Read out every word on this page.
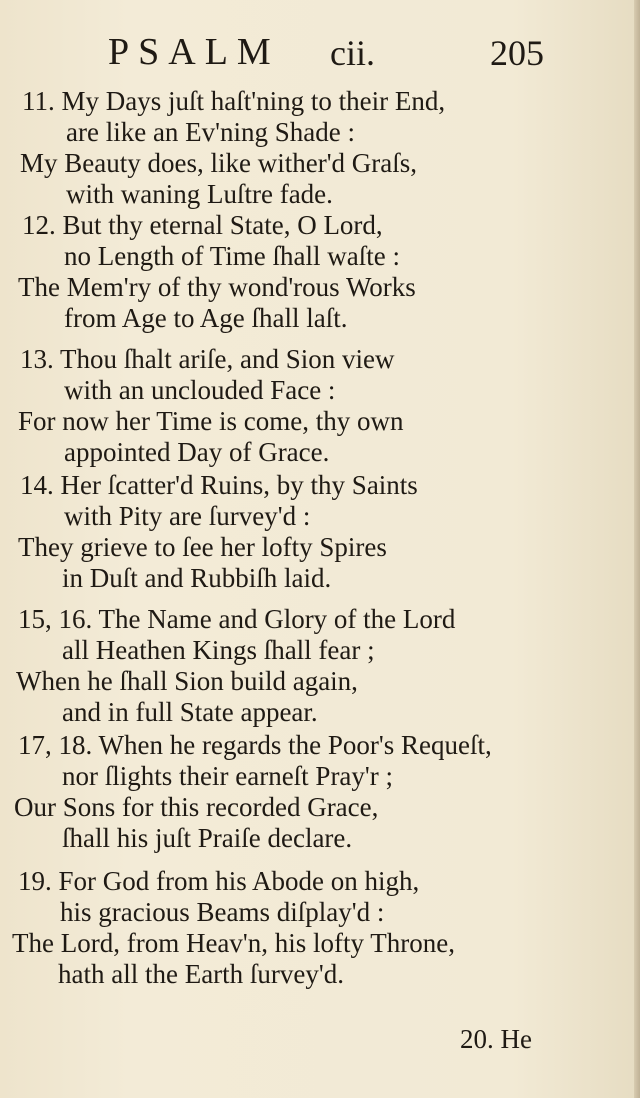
PSALM cii.	205
11. My Days juſt haſt'ning to their End,
are like an Ev'ning Shade :
My Beauty does, like wither'd Graſs,
with waning Luſtre fade.
12. But thy eternal State, O Lord,
no Length of Time ſhall waſte :
The Mem'ry of thy wond'rous Works
from Age to Age ſhall laſt.
13. Thou ſhalt ariſe, and Sion view
with an unclouded Face :
For now her Time is come, thy own
appointed Day of Grace.
14. Her ſcatter'd Ruins, by thy Saints
with Pity are ſurvey'd :
They grieve to ſee her lofty Spires
in Duſt and Rubbiſh laid.
15, 16. The Name and Glory of the Lord
all Heathen Kings ſhall fear ;
When he ſhall Sion build again,
and in full State appear.
17, 18. When he regards the Poor's Requeſt,
nor ſlights their earneſt Pray'r ;
Our Sons for this recorded Grace,
ſhall his juſt Praiſe declare.
19. For God from his Abode on high,
his gracious Beams diſplay'd :
The Lord, from Heav'n, his lofty Throne,
hath all the Earth ſurvey'd.
20. He
